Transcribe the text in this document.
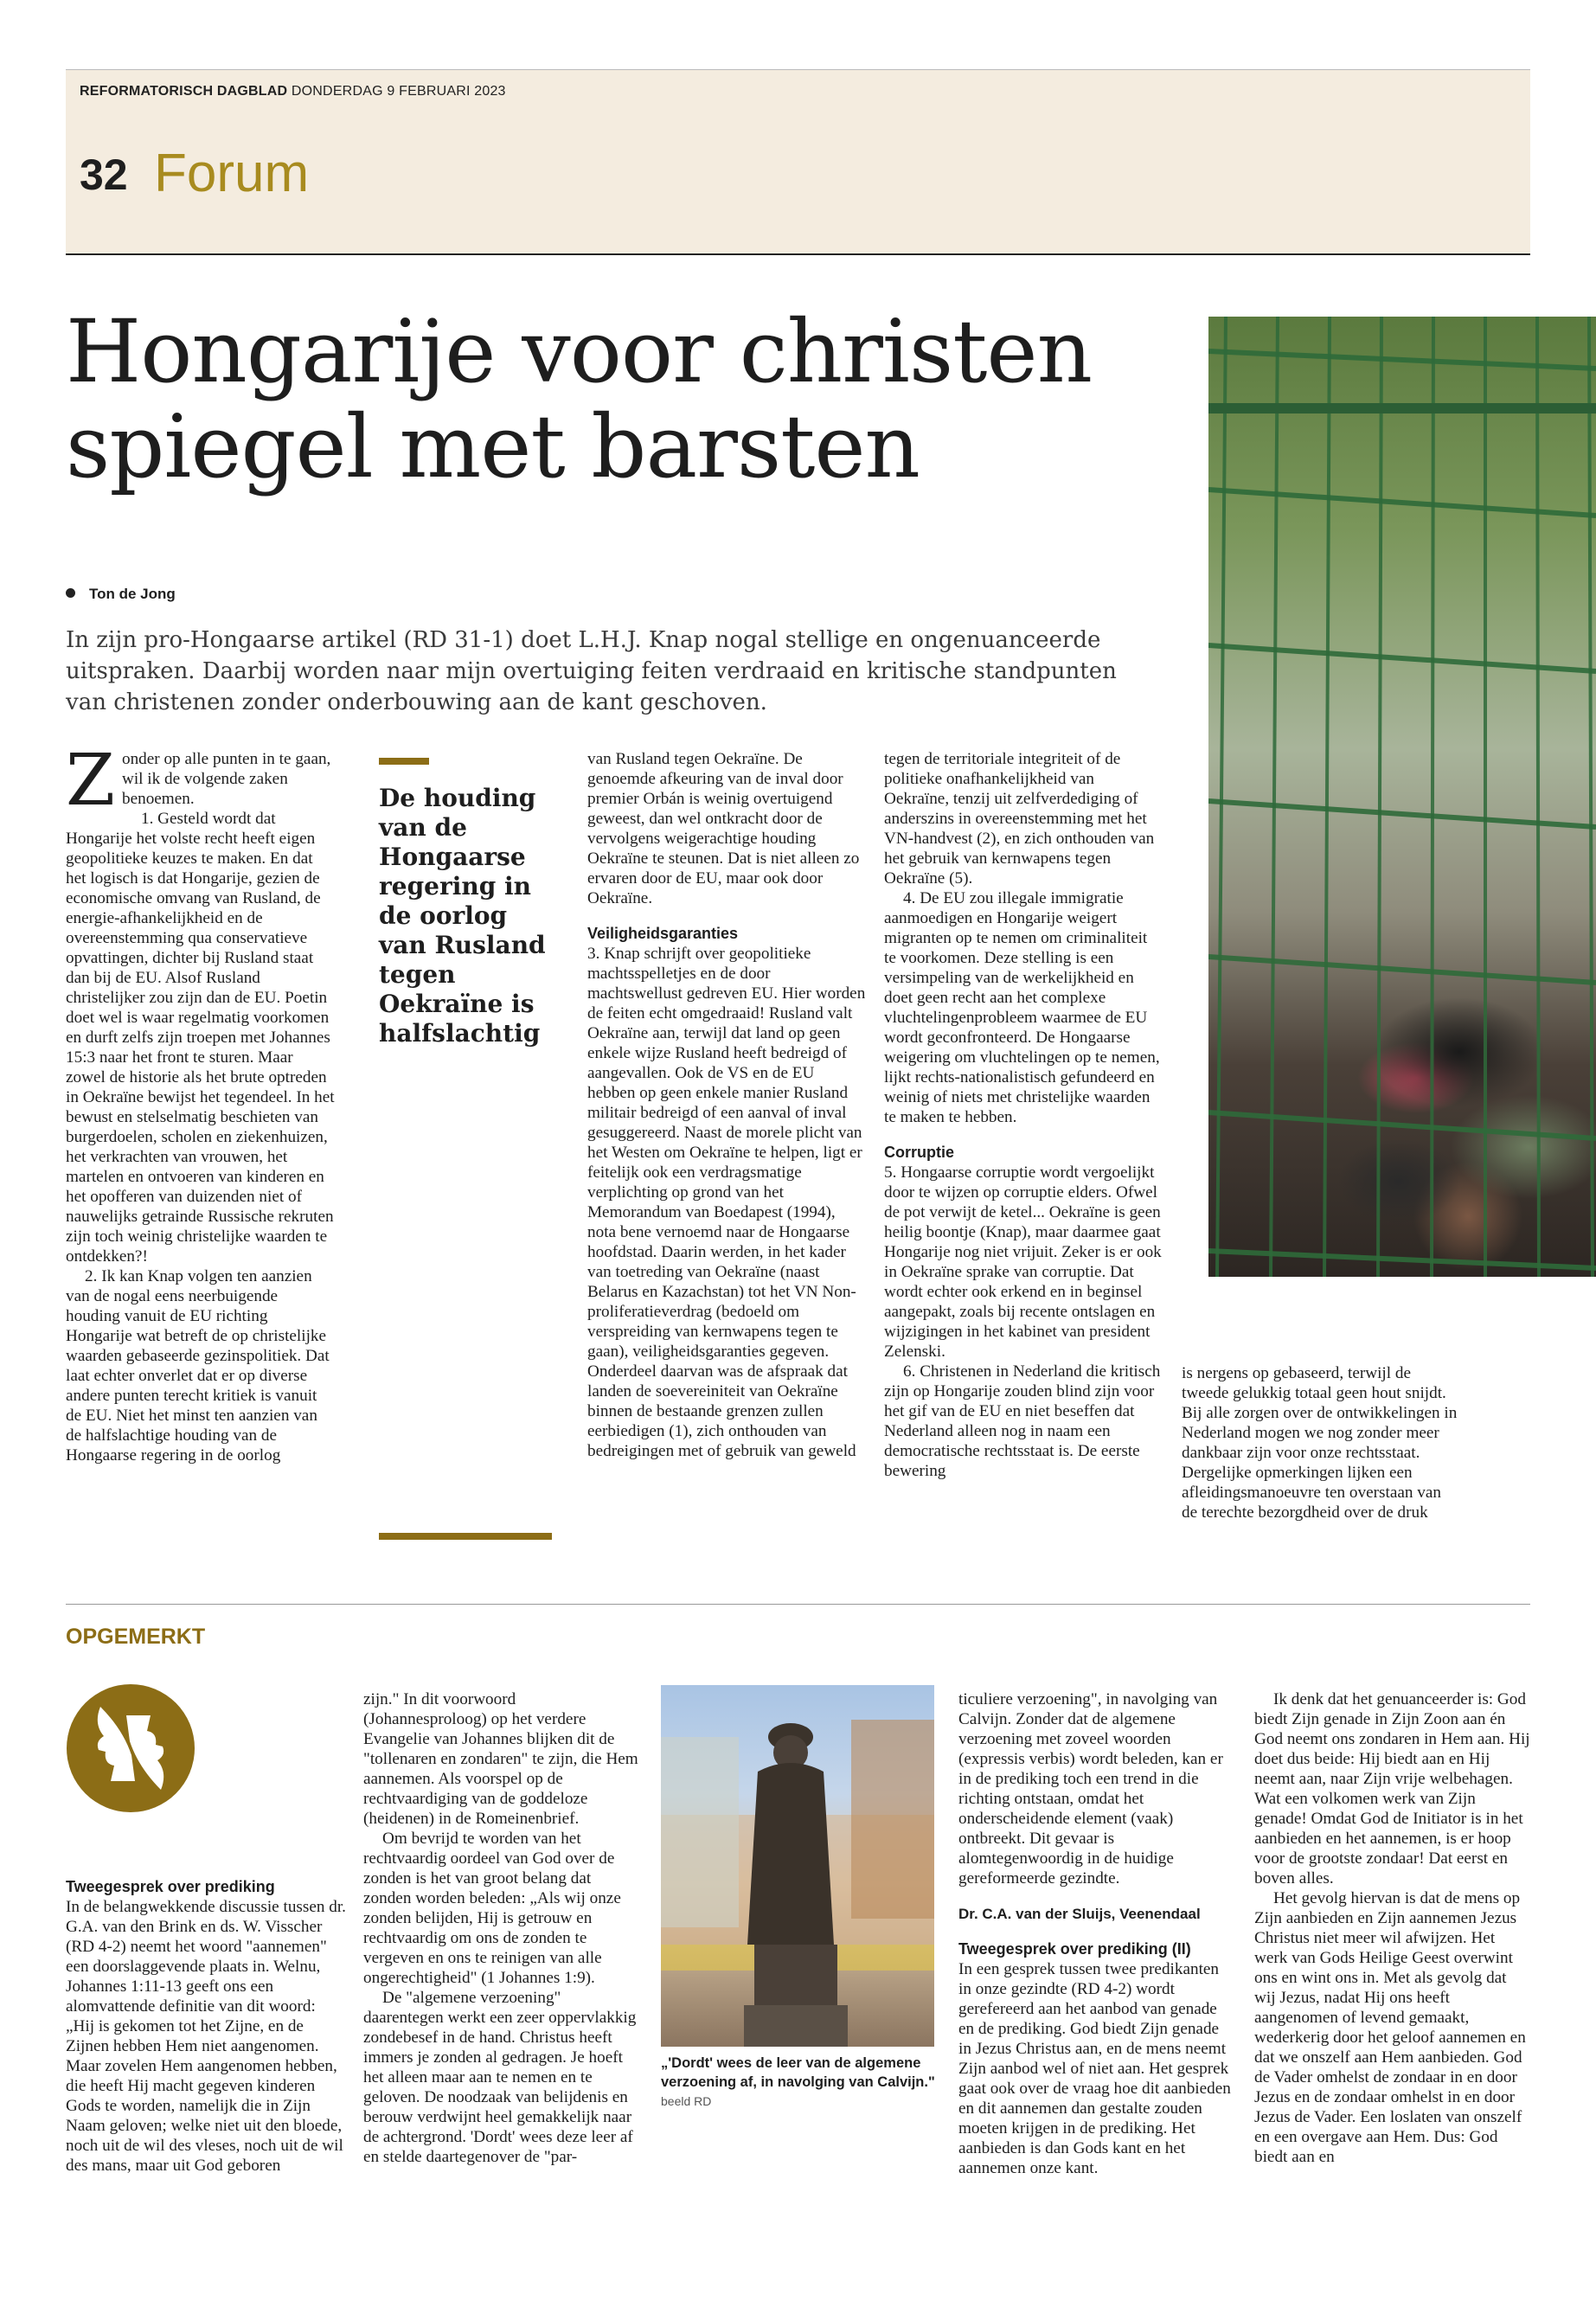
REFORMATORISCH DAGBLAD DONDERDAG 9 FEBRUARI 2023
32 Forum
Hongarije voor christen spiegel met barsten
Ton de Jong
In zijn pro-Hongaarse artikel (RD 31-1) doet L.H.J. Knap nogal stellige en ongenuanceerde uitspraken. Daarbij worden naar mijn overtuiging feiten verdraaid en kritische standpunten van christenen zonder onderbouwing aan de kant geschoven.

Zonder op alle punten in te gaan, wil ik de volgende zaken benoemen.

1. Gesteld wordt dat Hongarije het volste recht heeft eigen geopolitieke keuzes te maken. En dat het logisch is dat Hongarije, gezien de economische omvang van Rusland, de energie-afhankelijkheid en de overeenstemming qua conservatieve opvattingen, dichter bij Rusland staat dan bij de EU. Alsof Rusland christelijker zou zijn dan de EU. Poetin doet wel is waar regelmatig voorkomen en durft zelfs zijn troepen met Johannes 15:3 naar het front te sturen. Maar zowel de historie als het brute optreden in Oekraïne bewijst het tegendeel. In het bewust en stelselmatig beschieten van burgerdoelen, scholen en ziekenhuizen, het verkrachten van vrouwen, het martelen en ontvoeren van kinderen en het opofferen van duizenden niet of nauwelijks getrainde Russische rekruten zijn toch weinig christelijke waarden te ontdekken?!

2. Ik kan Knap volgen ten aanzien van de nogal eens neerbuigende houding vanuit de EU richting Hongarije wat betreft de op christelijke waarden gebaseerde gezinspolitiek. Dat laat echter onverlet dat er op diverse andere punten terecht kritiek is vanuit de EU. Niet het minst ten aanzien van de halfslachtige houding van de Hongaarse regering in de oorlog

De houding van de Hongaarse regering in de oorlog van Rusland tegen Oekraïne is halfslachtig

van Rusland tegen Oekraïne. De genoemde afkeuring van de inval door premier Orbán is weinig overtuigend geweest, dan wel ontkracht door de vervolgens weigerachtige houding Oekraïne te steunen. Dat is niet alleen zo ervaren door de EU, maar ook door Oekraïne.

Veiligheidsgaranties

3. Knap schrijft over geopolitieke machtsspelletjes en de door machtswellust gedreven EU. Hier worden de feiten echt omgedraaid! Rusland valt Oekraïne aan, terwijl dat land op geen enkele wijze Rusland heeft bedreigd of aangevallen. Ook de VS en de EU hebben op geen enkele manier Rusland militair bedreigd of een aanval of inval gesuggereerd. Naast de morele plicht van het Westen om Oekraïne te helpen, ligt er feitelijk ook een verdragsmatige verplichting op grond van het Memorandum van Boedapest (1994), nota bene vernoemd naar de Hongaarse hoofdstad. Daarin werden, in het kader van toetreding van Oekraïne (naast Belarus en Kazachstan) tot het VN Non-proliferatieverdrag (bedoeld om verspreiding van kernwapens tegen te gaan), veiligheidsgaranties gegeven. Onderdeel daarvan was de afspraak dat landen de soevereiniteit van Oekraïne binnen de bestaande grenzen zullen eerbiedigen (1), zich onthouden van bedreigingen met of gebruik van geweld

tegen de territoriale integriteit of de politieke onafhankelijkheid van Oekraïne, tenzij uit zelfverdediging of anderszins in overeenstemming met het VN-handvest (2), en zich onthouden van het gebruik van kernwapens tegen Oekraïne (5).

4. De EU zou illegale immigratie aanmoedigen en Hongarije weigert migranten op te nemen om criminaliteit te voorkomen. Deze stelling is een versimpeling van de werkelijkheid en doet geen recht aan het complexe vluchtelingenprobleem waarmee de EU wordt geconfronteerd. De Hongaarse weigering om vluchtelingen op te nemen, lijkt rechts-nationalistisch gefundeerd en weinig of niets met christelijke waarden te maken te hebben.

Corruptie

5. Hongaarse corruptie wordt vergoelijkt door te wijzen op corruptie elders. Ofwel de pot verwijt de ketel... Oekraïne is geen heilig boontje (Knap), maar daarmee gaat Hongarije nog niet vrijuit. Zeker is er ook in Oekraïne sprake van corruptie. Dat wordt echter ook erkend en in beginsel aangepakt, zoals bij recente ontslagen en wijzigingen in het kabinet van president Zelenski.

6. Christenen in Nederland die kritisch zijn op Hongarije zouden blind zijn voor het gif van de EU en niet beseffen dat Nederland alleen nog in naam een democratische rechtsstaat is. De eerste bewering

is nergens op gebaseerd, terwijl de tweede gelukkig totaal geen hout snijdt. Bij alle zorgen over de ontwikkelingen in Nederland mogen we nog zonder meer dankbaar zijn voor onze rechtsstaat. Dergelijke opmerkingen lijken een afleidingsmanoeuvre ten overstaan van de terechte bezorgdheid over de druk

OPGEMERKT
Tweegesprek over prediking

In de belangwekkende discussie tussen dr. G.A. van den Brink en ds. W. Visscher (RD 4-2) neemt het woord "aannemen" een doorslaggevende plaats in. Welnu, Johannes 1:11-13 geeft ons een alomvattende definitie van dit woord: „Hij is gekomen tot het Zijne, en de Zijnen hebben Hem niet aangenomen. Maar zovelen Hem aangenomen hebben, die heeft Hij macht gegeven kinderen Gods te worden, namelijk die in Zijn Naam geloven; welke niet uit den bloede, noch uit de wil des vleses, noch uit de wil des mans, maar uit God geboren

zijn." In dit voorwoord (Johannesproloog) op het verdere Evangelie van Johannes blijken dit de "tollenaren en zondaren" te zijn, die Hem aannemen. Als voorspel op de rechtvaardiging van de goddeloze (heidenen) in de Romeinenbrief.

Om bevrijd te worden van het rechtvaardig oordeel van God over de zonden is het van groot belang dat zonden worden beleden: „Als wij onze zonden belijden, Hij is getrouw en rechtvaardig om ons de zonden te vergeven en ons te reinigen van alle ongerechtigheid" (1 Johannes 1:9).

De "algemene verzoening" daarentegen werkt een zeer oppervlakkig zondebesef in de hand. Christus heeft immers je zonden al gedragen. Je hoeft het alleen maar aan te nemen en te geloven. De noodzaak van belijdenis en berouw verdwijnt heel gemakkelijk naar de achtergrond. 'Dordt' wees deze leer af en stelde daartegenover de "par-

„'Dordt' wees de leer van de algemene verzoening af, in navolging van Calvijn." beeld RD

ticuliere verzoening", in navolging van Calvijn. Zonder dat de algemene verzoening met zoveel woorden (expressis verbis) wordt beleden, kan er in de prediking toch een trend in die richting ontstaan, omdat het onderscheidende element (vaak) ontbreekt. Dit gevaar is alomtegenwoordig in de huidige gereformeerde gezindte.

Dr. C.A. van der Sluijs, Veenendaal
Tweegesprek over prediking (II)

In een gesprek tussen twee predikanten in onze gezindte (RD 4-2) wordt gerefereerd aan het aanbod van genade en de prediking. God biedt Zijn genade in Jezus Christus aan, en de mens neemt Zijn aanbod wel of niet aan. Het gesprek gaat ook over de vraag hoe dit aanbieden en dit aannemen dan gestalte zouden moeten krijgen in de prediking. Het aanbieden is dan Gods kant en het aannemen onze kant.

Ik denk dat het genuanceerder is: God biedt Zijn genade in Zijn Zoon aan én God neemt ons zondaren in Hem aan. Hij doet dus beide: Hij biedt aan en Hij neemt aan, naar Zijn vrije welbehagen. Wat een volkomen werk van Zijn genade! Omdat God de Initiator is in het aanbieden en het aannemen, is er hoop voor de grootste zondaar! Dat eerst en boven alles.

Het gevolg hiervan is dat de mens op Zijn aanbieden en Zijn aannemen Jezus Christus niet meer wil afwijzen. Het werk van Gods Heilige Geest overwint ons en wint ons in. Met als gevolg dat wij Jezus, nadat Hij ons heeft aangenomen of levend gemaakt, wederkerig door het geloof aannemen en dat we onszelf aan Hem aanbieden. God de Vader omhelst de zondaar in en door Jezus en de zondaar omhelst in en door Jezus de Vader. Een loslaten van onszelf en een overgave aan Hem. Dus: God biedt aan en
